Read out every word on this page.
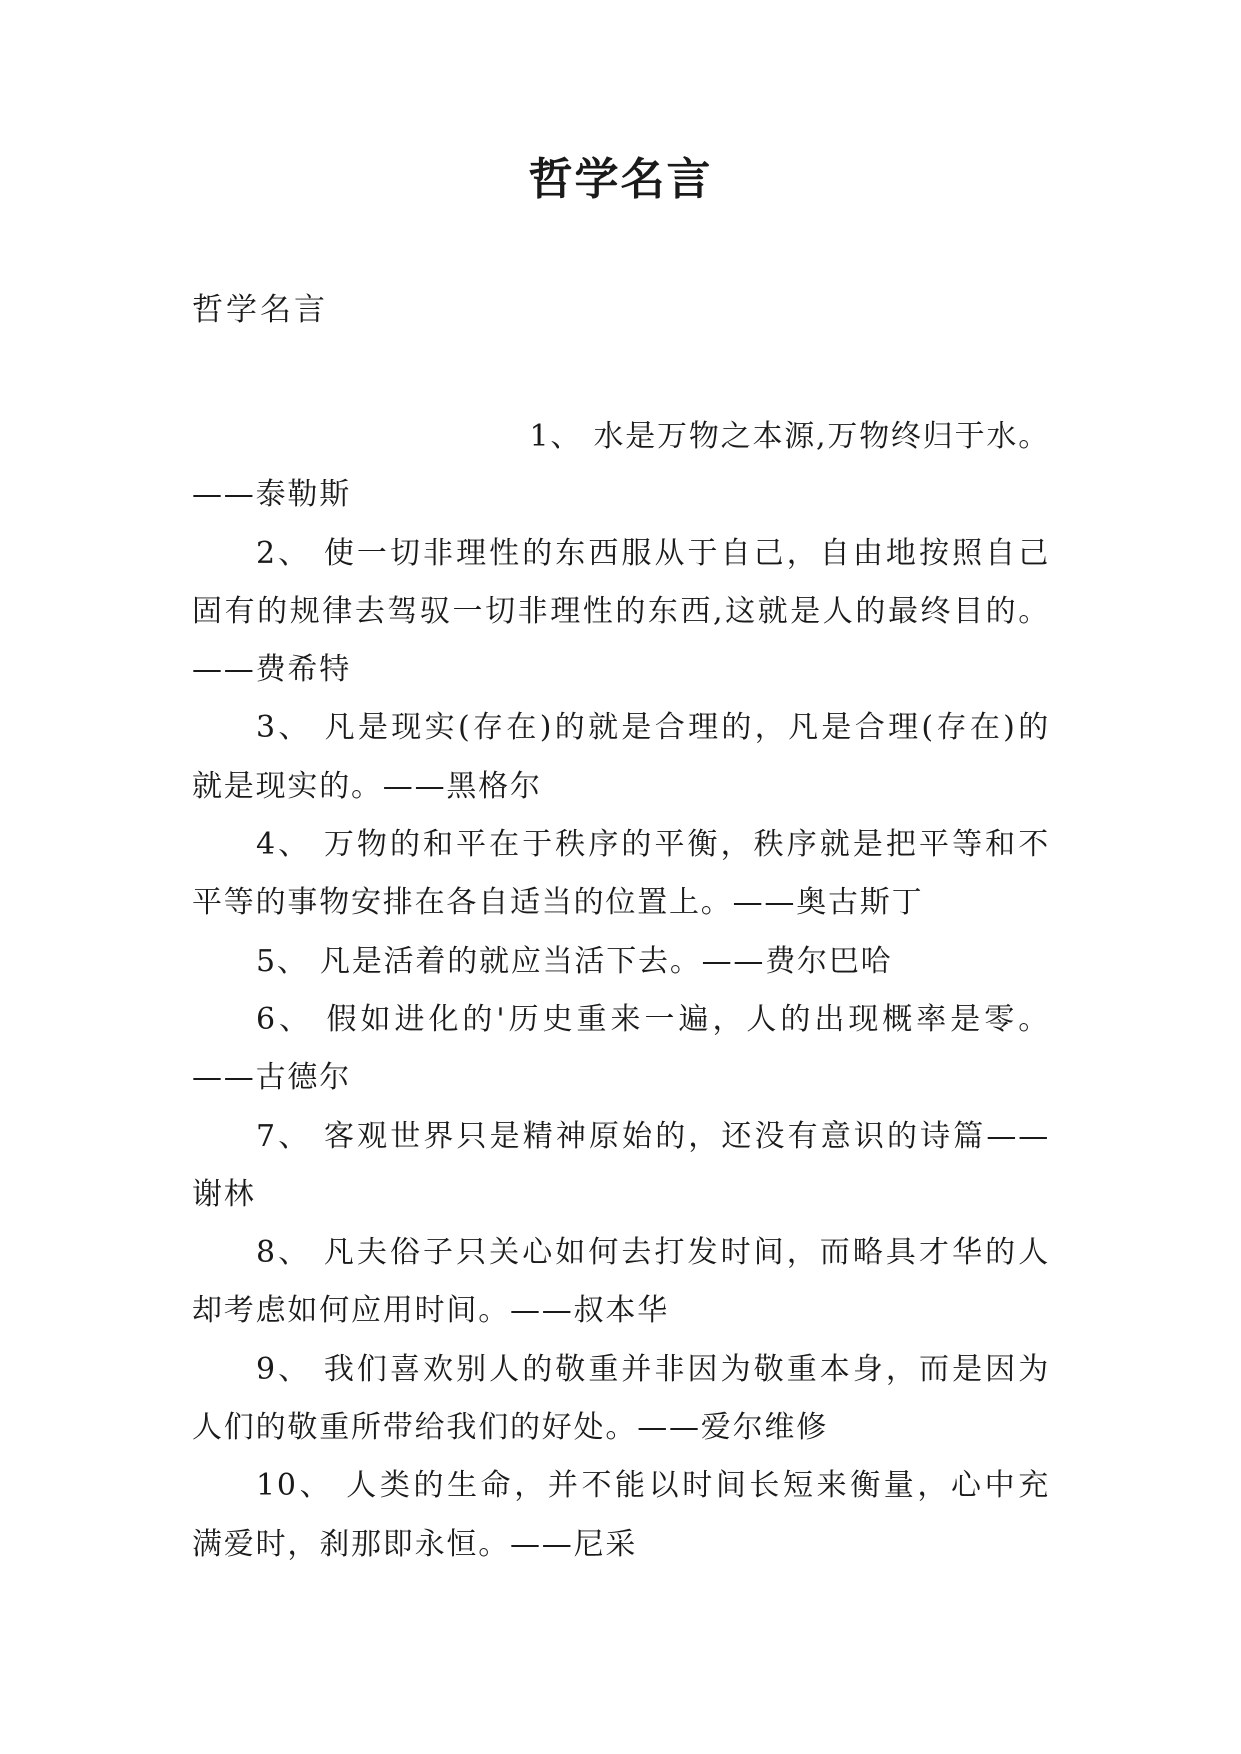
哲学名言
哲学名言
1、 水是万物之本源,万物终归于水。
——泰勒斯
2、 使一切非理性的东西服从于自己，自由地按照自己
固有的规律去驾驭一切非理性的东西,这就是人的最终目的。
——费希特
3、 凡是现实(存在)的就是合理的，凡是合理(存在)的
就是现实的。——黑格尔
4、 万物的和平在于秩序的平衡，秩序就是把平等和不
平等的事物安排在各自适当的位置上。——奥古斯丁
5、 凡是活着的就应当活下去。——费尔巴哈
6、 假如进化的'历史重来一遍，人的出现概率是零。
——古德尔
7、 客观世界只是精神原始的，还没有意识的诗篇——
谢林
8、 凡夫俗子只关心如何去打发时间，而略具才华的人
却考虑如何应用时间。——叔本华
9、 我们喜欢别人的敬重并非因为敬重本身，而是因为
人们的敬重所带给我们的好处。——爱尔维修
10、 人类的生命，并不能以时间长短来衡量，心中充
满爱时，刹那即永恒。——尼采
